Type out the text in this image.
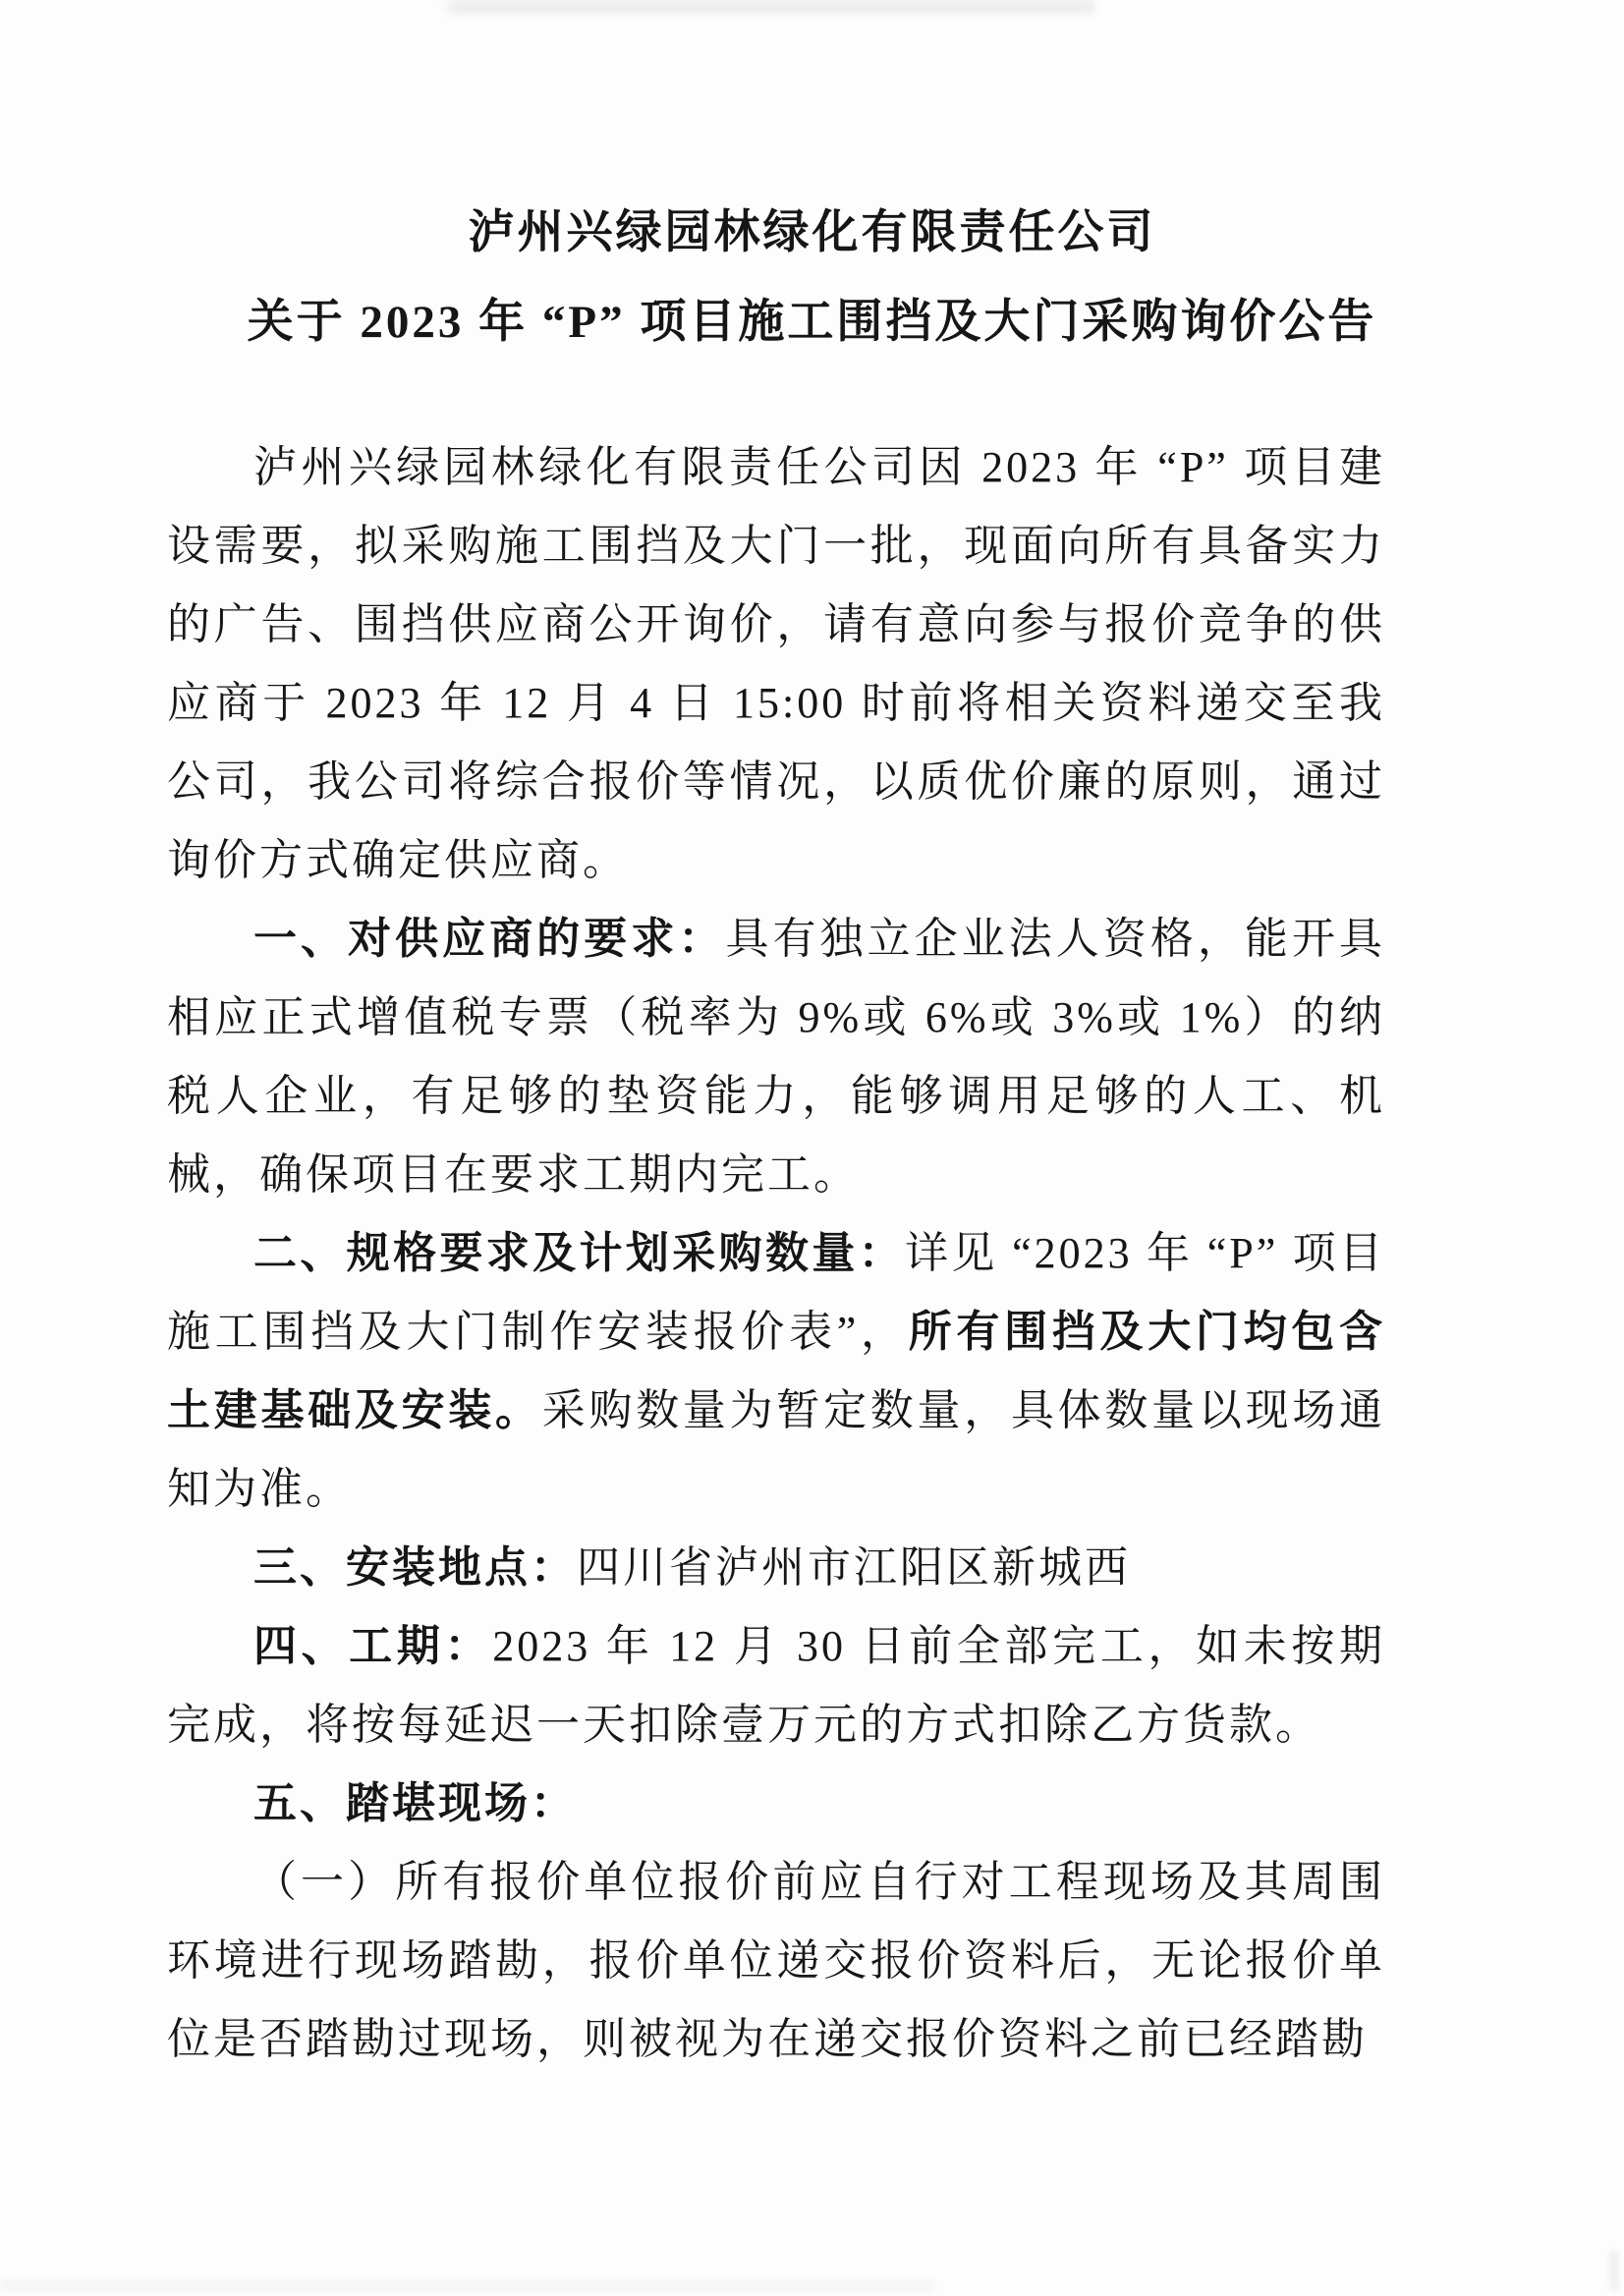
泸州兴绿园林绿化有限责任公司
关于 2023 年 “P” 项目施工围挡及大门采购询价公告

泸州兴绿园林绿化有限责任公司因 2023 年 “P” 项目建设需要，拟采购施工围挡及大门一批，现面向所有具备实力的广告、围挡供应商公开询价，请有意向参与报价竞争的供应商于 2023 年 12 月 4 日 15:00 时前将相关资料递交至我公司，我公司将综合报价等情况，以质优价廉的原则，通过询价方式确定供应商。

一、对供应商的要求：具有独立企业法人资格，能开具相应正式增值税专票（税率为 9%或 6%或 3%或 1%）的纳税人企业，有足够的垫资能力，能够调用足够的人工、机械，确保项目在要求工期内完工。

二、规格要求及计划采购数量：详见 “2023 年 “P” 项目施工围挡及大门制作安装报价表”，所有围挡及大门均包含土建基础及安装。采购数量为暂定数量，具体数量以现场通知为准。

三、安装地点：四川省泸州市江阳区新城西

四、工期：2023 年 12 月 30 日前全部完工，如未按期完成，将按每延迟一天扣除壹万元的方式扣除乙方货款。

五、踏堪现场：

（一）所有报价单位报价前应自行对工程现场及其周围环境进行现场踏勘，报价单位递交报价资料后，无论报价单位是否踏勘过现场，则被视为在递交报价资料之前已经踏勘
